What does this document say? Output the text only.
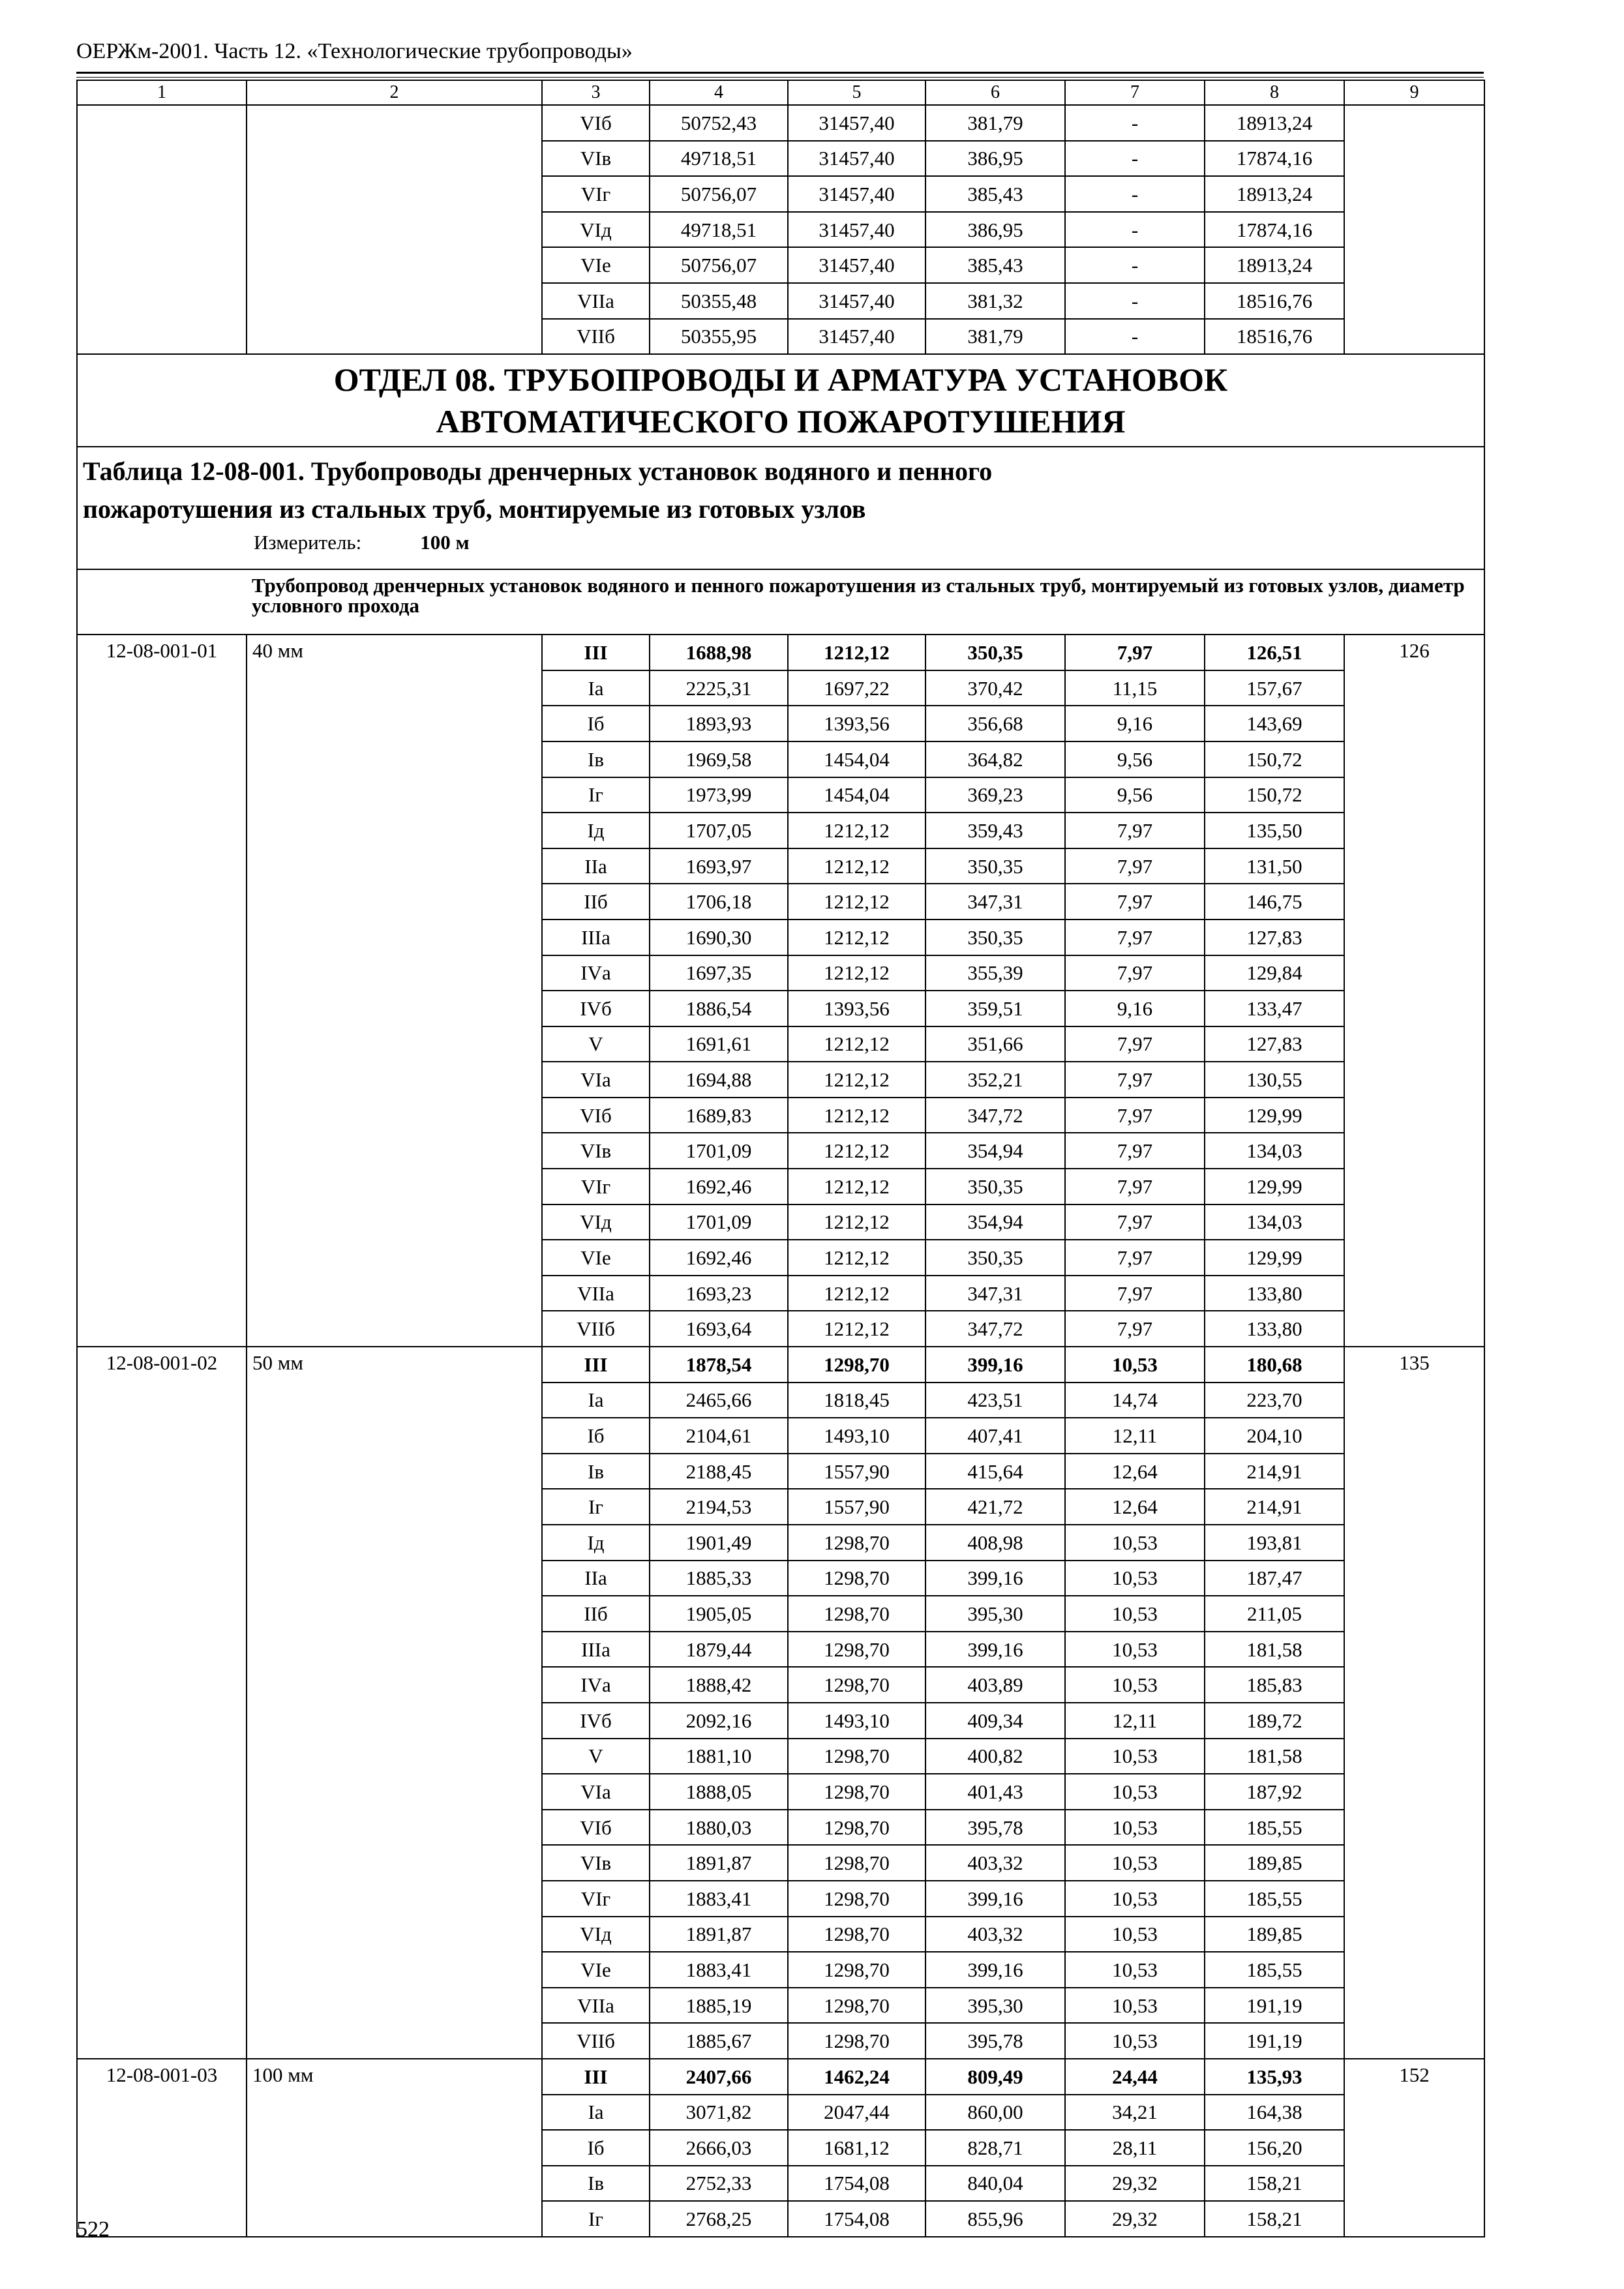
ОЕРЖм-2001. Часть 12. «Технологические трубопроводы»
1	2	3	4	5	6	7	8	9
		VIб	50752,43	31457,40	381,79	-	18913,24	
		VIв	49718,51	31457,40	386,95	-	17874,16	
		VIг	50756,07	31457,40	385,43	-	18913,24	
		VIд	49718,51	31457,40	386,95	-	17874,16	
		VIе	50756,07	31457,40	385,43	-	18913,24	
		VIIа	50355,48	31457,40	381,32	-	18516,76	
		VIIб	50355,95	31457,40	381,79	-	18516,76	

ОТДЕЛ 08. ТРУБОПРОВОДЫ И АРМАТУРА УСТАНОВОК
АВТОМАТИЧЕСКОГО ПОЖАРОТУШЕНИЯ								

Таблица 12-08-001. Трубопроводы дренчерных установок водяного и пенного
пожаротушения из стальных труб, монтируемые из готовых узлов
Измеритель: 100 м								

	Трубопровод дренчерных установок водяного и пенного пожаротушения из стальных труб, монтируемый из готовых узлов, диаметр условного прохода							
12-08-001-01	40 мм	III	1688,98	1212,12	350,35	7,97	126,51	126
		Iа	2225,31	1697,22	370,42	11,15	157,67	
		Iб	1893,93	1393,56	356,68	9,16	143,69	
		Iв	1969,58	1454,04	364,82	9,56	150,72	
		Iг	1973,99	1454,04	369,23	9,56	150,72	
		Iд	1707,05	1212,12	359,43	7,97	135,50	
		IIа	1693,97	1212,12	350,35	7,97	131,50	
		IIб	1706,18	1212,12	347,31	7,97	146,75	
		IIIа	1690,30	1212,12	350,35	7,97	127,83	
		IVа	1697,35	1212,12	355,39	7,97	129,84	
		IVб	1886,54	1393,56	359,51	9,16	133,47	
		V	1691,61	1212,12	351,66	7,97	127,83	
		VIа	1694,88	1212,12	352,21	7,97	130,55	
		VIб	1689,83	1212,12	347,72	7,97	129,99	
		VIв	1701,09	1212,12	354,94	7,97	134,03	
		VIг	1692,46	1212,12	350,35	7,97	129,99	
		VIд	1701,09	1212,12	354,94	7,97	134,03	
		VIе	1692,46	1212,12	350,35	7,97	129,99	
		VIIа	1693,23	1212,12	347,31	7,97	133,80	
		VIIб	1693,64	1212,12	347,72	7,97	133,80	
12-08-001-02	50 мм	III	1878,54	1298,70	399,16	10,53	180,68	135
		Iа	2465,66	1818,45	423,51	14,74	223,70	
		Iб	2104,61	1493,10	407,41	12,11	204,10	
		Iв	2188,45	1557,90	415,64	12,64	214,91	
		Iг	2194,53	1557,90	421,72	12,64	214,91	
		Iд	1901,49	1298,70	408,98	10,53	193,81	
		IIа	1885,33	1298,70	399,16	10,53	187,47	
		IIб	1905,05	1298,70	395,30	10,53	211,05	
		IIIа	1879,44	1298,70	399,16	10,53	181,58	
		IVа	1888,42	1298,70	403,89	10,53	185,83	
		IVб	2092,16	1493,10	409,34	12,11	189,72	
		V	1881,10	1298,70	400,82	10,53	181,58	
		VIа	1888,05	1298,70	401,43	10,53	187,92	
		VIб	1880,03	1298,70	395,78	10,53	185,55	
		VIв	1891,87	1298,70	403,32	10,53	189,85	
		VIг	1883,41	1298,70	399,16	10,53	185,55	
		VIд	1891,87	1298,70	403,32	10,53	189,85	
		VIе	1883,41	1298,70	399,16	10,53	185,55	
		VIIа	1885,19	1298,70	395,30	10,53	191,19	
		VIIб	1885,67	1298,70	395,78	10,53	191,19	
12-08-001-03	100 мм	III	2407,66	1462,24	809,49	24,44	135,93	152
		Iа	3071,82	2047,44	860,00	34,21	164,38	
		Iб	2666,03	1681,12	828,71	28,11	156,20	
		Iв	2752,33	1754,08	840,04	29,32	158,21	
		Iг	2768,25	1754,08	855,96	29,32	158,21	
522
